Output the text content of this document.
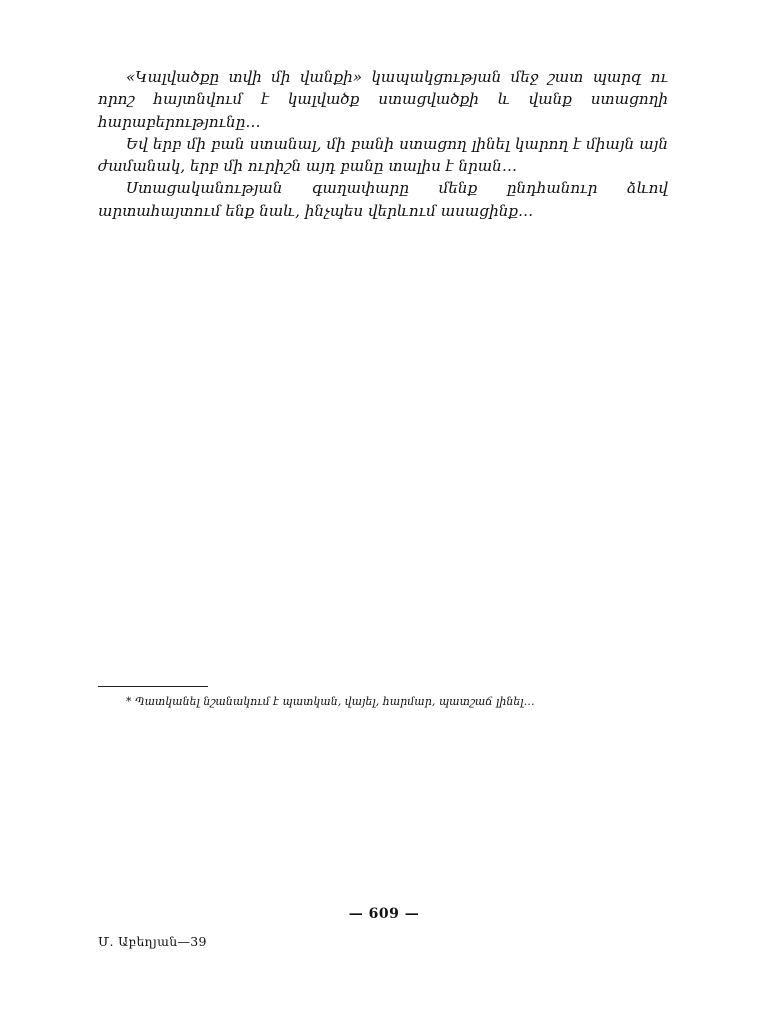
«Կալվածքը տվի մի վանքի» կապակցության մեջ շատ պարզ ու որոշ հայտնվում է կալվածք ստացվածքի և վանք ստացողի հարաբերությունը…

Եվ երբ մի բան ստանալ, մի բանի ստացող լինել կարող է միայն այն ժամանակ, երբ մի ուրիշն այդ բանը տալիս է նրան…

Ստացականության գաղափարը մենք ընդհանուր ձևով արտահայտում ենք նաև, ինչպես վերևում ասացինք…

* Պատկանել նշանակում է պատկան, վայել, հարմար, պատշաճ լինել…

— 609 —
Մ. Աբեղյան—39
